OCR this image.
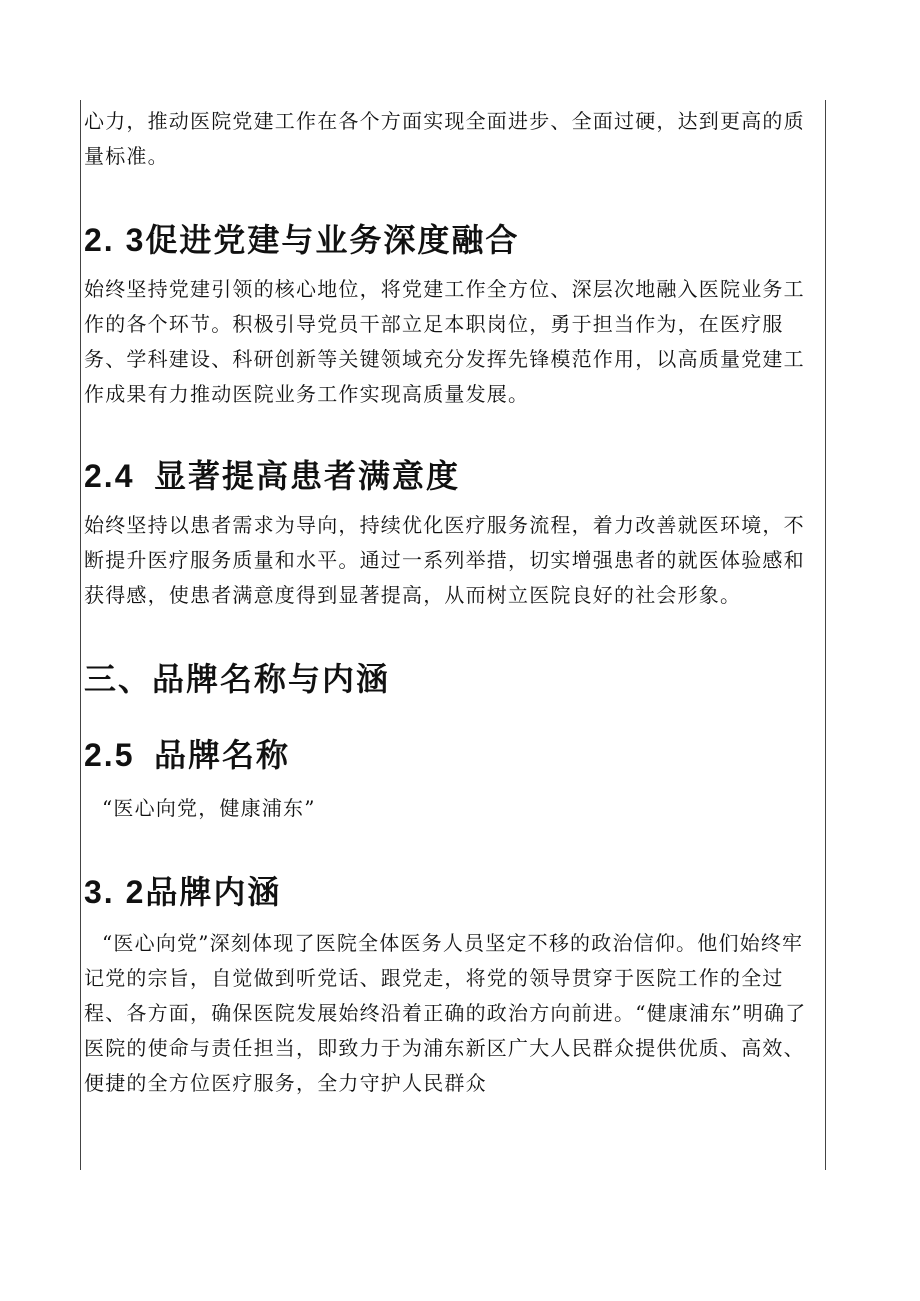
心力，推动医院党建工作在各个方面实现全面进步、全面过硬，达到更高的质量标准。

2. 3促进党建与业务深度融合

始终坚持党建引领的核心地位，将党建工作全方位、深层次地融入医院业务工作的各个环节。积极引导党员干部立足本职岗位，勇于担当作为，在医疗服务、学科建设、科研创新等关键领域充分发挥先锋模范作用，以高质量党建工作成果有力推动医院业务工作实现高质量发展。

2.4 显著提高患者满意度

始终坚持以患者需求为导向，持续优化医疗服务流程，着力改善就医环境，不断提升医疗服务质量和水平。通过一系列举措，切实增强患者的就医体验感和获得感，使患者满意度得到显著提高，从而树立医院良好的社会形象。

三、品牌名称与内涵
2.5 品牌名称

“医心向党，健康浦东”

3. 2品牌内涵

“医心向党”深刻体现了医院全体医务人员坚定不移的政治信仰。他们始终牢记党的宗旨，自觉做到听党话、跟党走，将党的领导贯穿于医院工作的全过程、各方面，确保医院发展始终沿着正确的政治方向前进。“健康浦东”明确了医院的使命与责任担当，即致力于为浦东新区广大人民群众提供优质、高效、便捷的全方位医疗服务，全力守护人民群众
